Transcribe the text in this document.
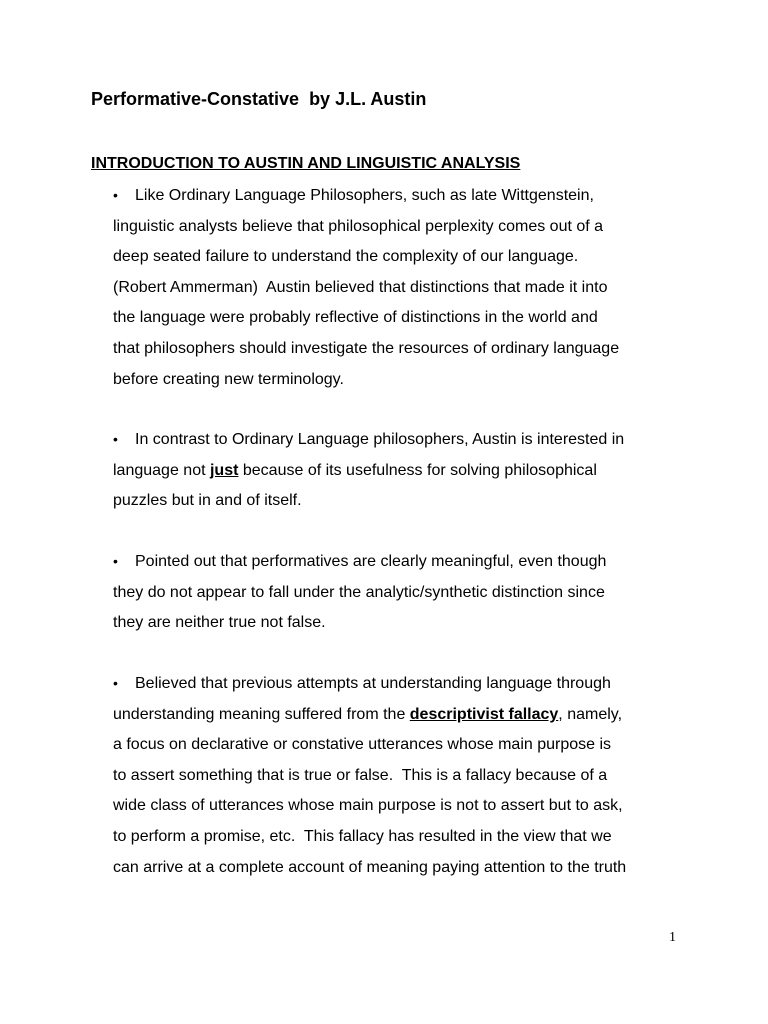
Performative-Constative  by J.L. Austin
INTRODUCTION TO AUSTIN AND LINGUISTIC ANALYSIS
• Like Ordinary Language Philosophers, such as late Wittgenstein,
linguistic analysts believe that philosophical perplexity comes out of a
deep seated failure to understand the complexity of our language.
(Robert Ammerman)  Austin believed that distinctions that made it into
the language were probably reflective of distinctions in the world and
that philosophers should investigate the resources of ordinary language
before creating new terminology.
• In contrast to Ordinary Language philosophers, Austin is interested in
language not just because of its usefulness for solving philosophical
puzzles but in and of itself.
• Pointed out that performatives are clearly meaningful, even though
they do not appear to fall under the analytic/synthetic distinction since
they are neither true not false.
• Believed that previous attempts at understanding language through
understanding meaning suffered from the descriptivist fallacy, namely,
a focus on declarative or constative utterances whose main purpose is
to assert something that is true or false.  This is a fallacy because of a
wide class of utterances whose main purpose is not to assert but to ask,
to perform a promise, etc.  This fallacy has resulted in the view that we
can arrive at a complete account of meaning paying attention to the truth
1
